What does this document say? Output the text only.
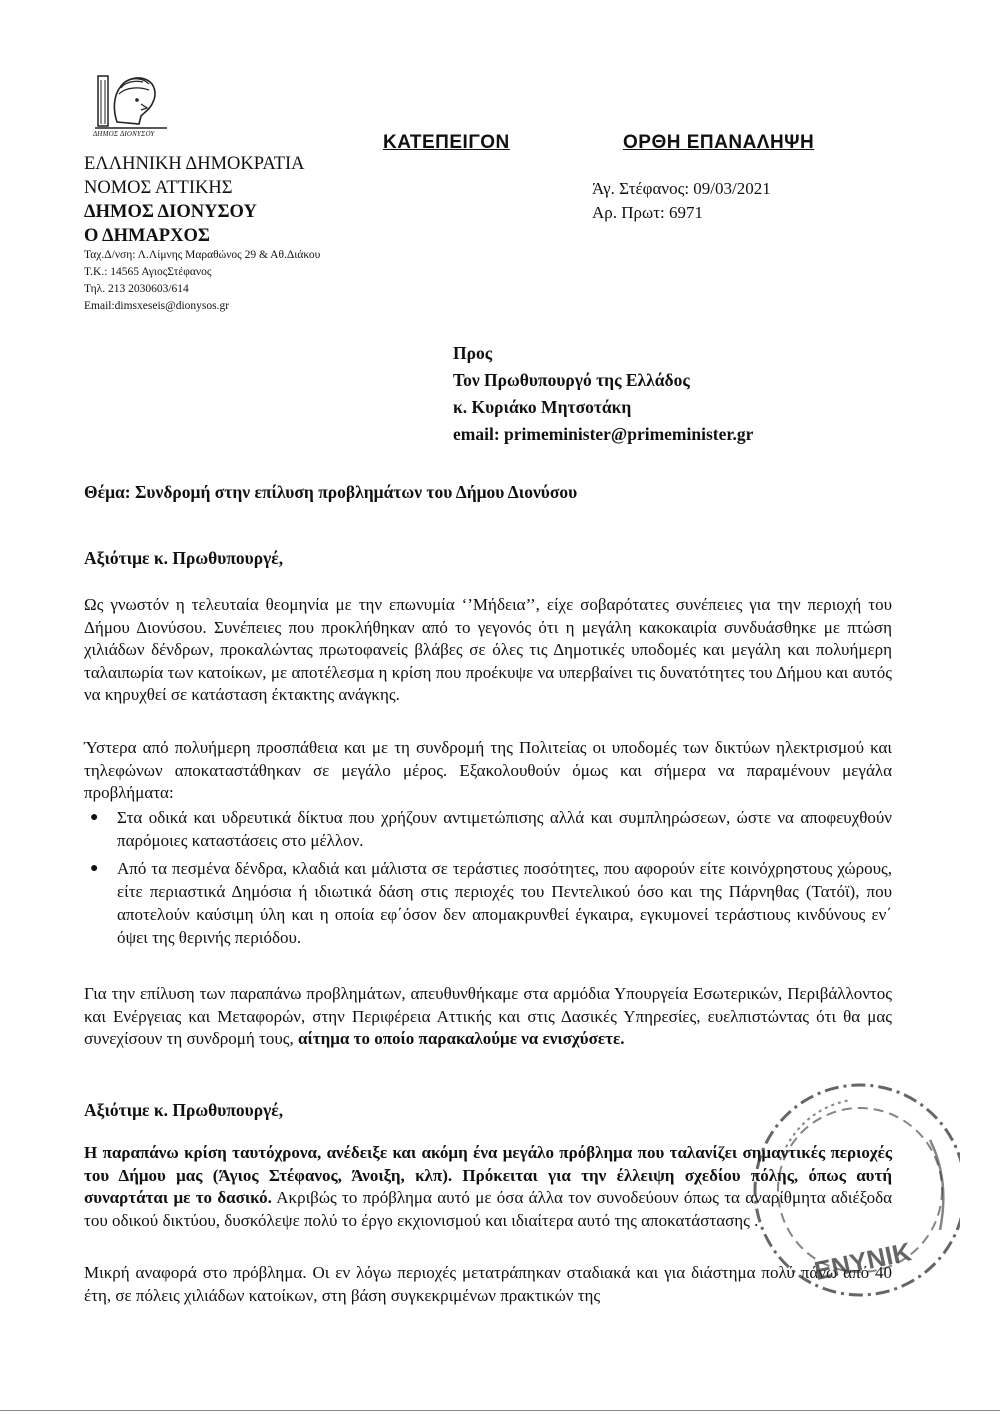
ΔΗΜΟΣ ΔΙΟΝΥΣΟΥ	ΚΑΤΕΠΕΙΓΟΝ	ΟΡΘΗ ΕΠΑΝΑΛΗΨΗ
ΕΛΛΗΝΙΚΗ ΔΗΜΟΚΡΑΤΙΑ
ΝΟΜΟΣ ΑΤΤΙΚΗΣ
ΔΗΜΟΣ ΔΙΟΝΥΣΟΥ
Ο ΔΗΜΑΡΧΟΣ
Ταχ.Δ/νση: Λ.Λίμνης Μαραθώνος 29 & Αθ.Διάκου
Τ.Κ.: 14565 ΑγιοςΣτέφανος
Τηλ. 213 2030603/614
Email:dimsxeseis@dionysos.gr
Άγ. Στέφανος: 09/03/2021
Αρ. Πρωτ: 6971
Προς
Τον Πρωθυπουργό της Ελλάδος
κ. Κυριάκο Μητσοτάκη
email: primeminister@primeminister.gr
Θέμα: Συνδρομή στην επίλυση προβλημάτων του Δήμου Διονύσου
Αξιότιμε κ. Πρωθυπουργέ,
Ως γνωστόν η τελευταία θεομηνία με την επωνυμία ‘’Μήδεια’’, είχε σοβαρότατες συνέπειες για την περιοχή του Δήμου Διονύσου. Συνέπειες που προκλήθηκαν από το γεγονός ότι η μεγάλη κακοκαιρία συνδυάσθηκε με πτώση χιλιάδων δένδρων, προκαλώντας πρωτοφανείς βλάβες σε όλες τις Δημοτικές υποδομές και μεγάλη και πολυήμερη ταλαιπωρία των κατοίκων, με αποτέλεσμα η κρίση που προέκυψε να υπερβαίνει τις δυνατότητες του Δήμου και αυτός να κηρυχθεί σε κατάσταση έκτακτης ανάγκης.
Ύστερα από πολυήμερη προσπάθεια και με τη συνδρομή της Πολιτείας οι υποδομές των δικτύων ηλεκτρισμού και τηλεφώνων αποκαταστάθηκαν σε μεγάλο μέρος. Εξακολουθούν όμως και σήμερα να παραμένουν μεγάλα προβλήματα:
● Στα οδικά και υδρευτικά δίκτυα που χρήζουν αντιμετώπισης αλλά και συμπληρώσεων, ώστε να αποφευχθούν παρόμοιες καταστάσεις στο μέλλον.
● Από τα πεσμένα δένδρα, κλαδιά και μάλιστα σε τεράστιες ποσότητες, που αφορούν είτε κοινόχρηστους χώρους, είτε περιαστικά Δημόσια ή ιδιωτικά δάση στις περιοχές του Πεντελικού όσο και της Πάρνηθας (Τατόϊ), που αποτελούν καύσιμη ύλη και η οποία εφ΄όσον δεν απομακρυνθεί έγκαιρα, εγκυμονεί τεράστιους κινδύνους εν΄ όψει της θερινής περιόδου.
Για την επίλυση των παραπάνω προβλημάτων, απευθυνθήκαμε στα αρμόδια Υπουργεία Εσωτερικών, Περιβάλλοντος και Ενέργειας και Μεταφορών, στην Περιφέρεια Αττικής και στις Δασικές Υπηρεσίες, ευελπιστώντας ότι θα μας συνεχίσουν τη συνδρομή τους, αίτημα το οποίο παρακαλούμε να ενισχύσετε.
Αξιότιμε κ. Πρωθυπουργέ,
Η παραπάνω κρίση ταυτόχρονα, ανέδειξε και ακόμη ένα μεγάλο πρόβλημα που ταλανίζει σημαντικές περιοχές του Δήμου μας (Άγιος Στέφανος, Άνοιξη, κλπ). Πρόκειται για την έλλειψη σχεδίου πόλης, όπως αυτή συναρτάται με το δασικό. Ακριβώς το πρόβλημα αυτό με όσα άλλα τον συνοδεύουν όπως τα αναρίθμητα αδιέξοδα του οδικού δικτύου, δυσκόλεψε πολύ το έργο εκχιονισμού και ιδιαίτερα αυτό της αποκατάστασης .
Μικρή αναφορά στο πρόβλημα. Οι εν λόγω περιοχές μετατράπηκαν σταδιακά και για διάστημα πολύ πάνω από 40 έτη, σε πόλεις χιλιάδων κατοίκων, στη βάση συγκεκριμένων πρακτικών της
ΕΝΥΝΙΚ
